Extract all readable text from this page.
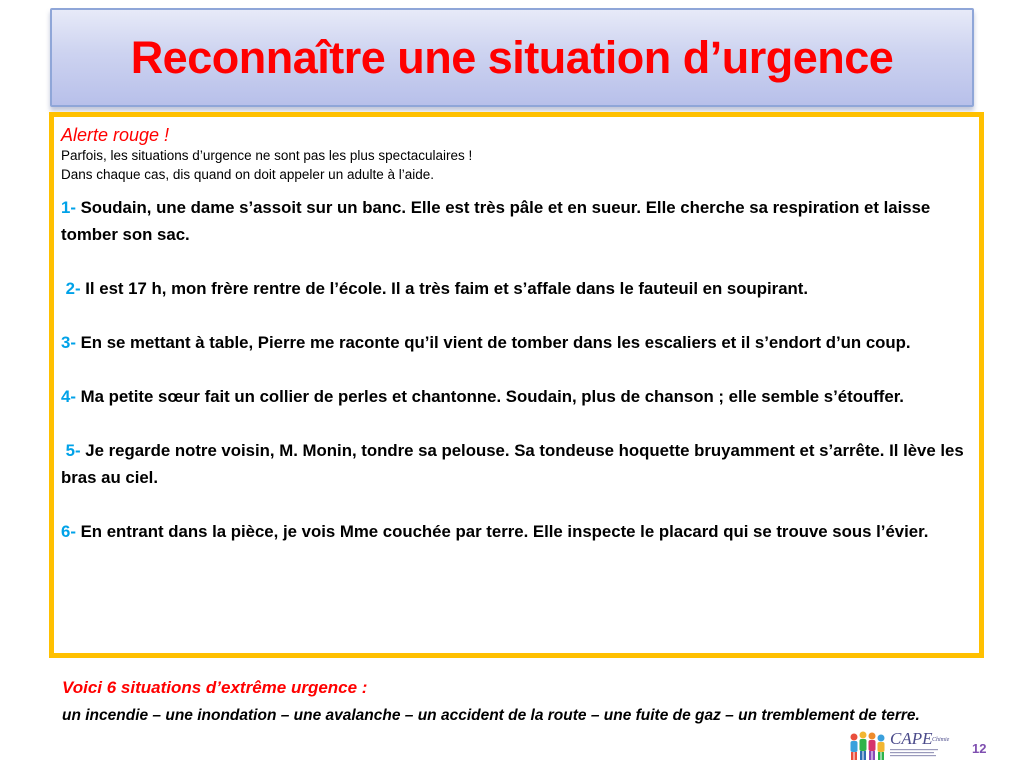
Reconnaître une situation d’urgence

Alerte rouge !

Parfois, les situations d’urgence ne sont pas les plus spectaculaires !

Dans chaque cas, dis quand on doit appeler un adulte à l’aide.

1- Soudain, une dame s’assoit sur un banc. Elle est très pâle et en sueur. Elle cherche sa respiration et laisse tomber son sac.

2- Il est 17 h, mon frère rentre de l’école. Il a très faim et s’affale dans le fauteuil en soupirant.

3- En se mettant à table, Pierre me raconte qu’il vient de tomber dans les escaliers et il s’endort d’un coup.

4- Ma petite sœur fait un collier de perles et chantonne. Soudain, plus de chanson ; elle semble s’étouffer.

5- Je regarde notre voisin, M. Monin, tondre sa pelouse. Sa tondeuse hoquette bruyamment et s’arrête. Il lève les bras au ciel.

6- En entrant dans la pièce, je vois Mme couchée par terre. Elle inspecte le placard qui se trouve sous l’évier.

Voici 6 situations d’extrême urgence :

un incendie – une inondation – une avalanche – un accident de la route – une fuite de gaz – un tremblement de terre.

CAPE Chimie
12
